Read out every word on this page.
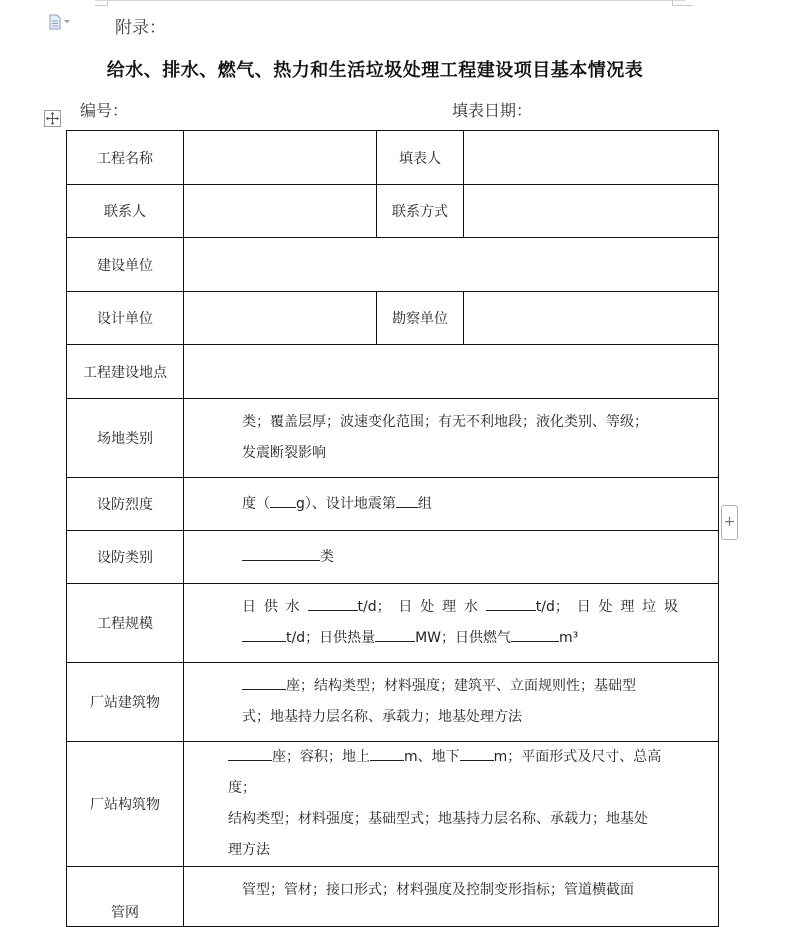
附录：
给水、排水、燃气、热力和生活垃圾处理工程建设项目基本情况表
编号：	填表日期：
+
工程名称		填表人	
联系人		联系方式	
建设单位			
设计单位		勘察单位	
工程建设地点			
场地类别	类；覆盖层厚；波速变化范围；有无不利地段；液化类别、等级；
发震断裂影响		
设防烈度	度（ g）、设计地震第 组		
设防类别	类		
工程规模	日供水 t/d；日处理水 t/d；日处理垃圾
t/d；日供热量 MW；日供燃气 m³		
厂站建筑物	座；结构类型；材料强度；建筑平、立面规则性；基础型
式；地基持力层名称、承载力；地基处理方法		
厂站构筑物	座；容积；地上 m、地下 m；平面形式及尺寸、总高度；
结构类型；材料强度；基础型式；地基持力层名称、承载力；地基处
理方法		
管网	管型；管材；接口形式；材料强度及控制变形指标；管道横截面		
